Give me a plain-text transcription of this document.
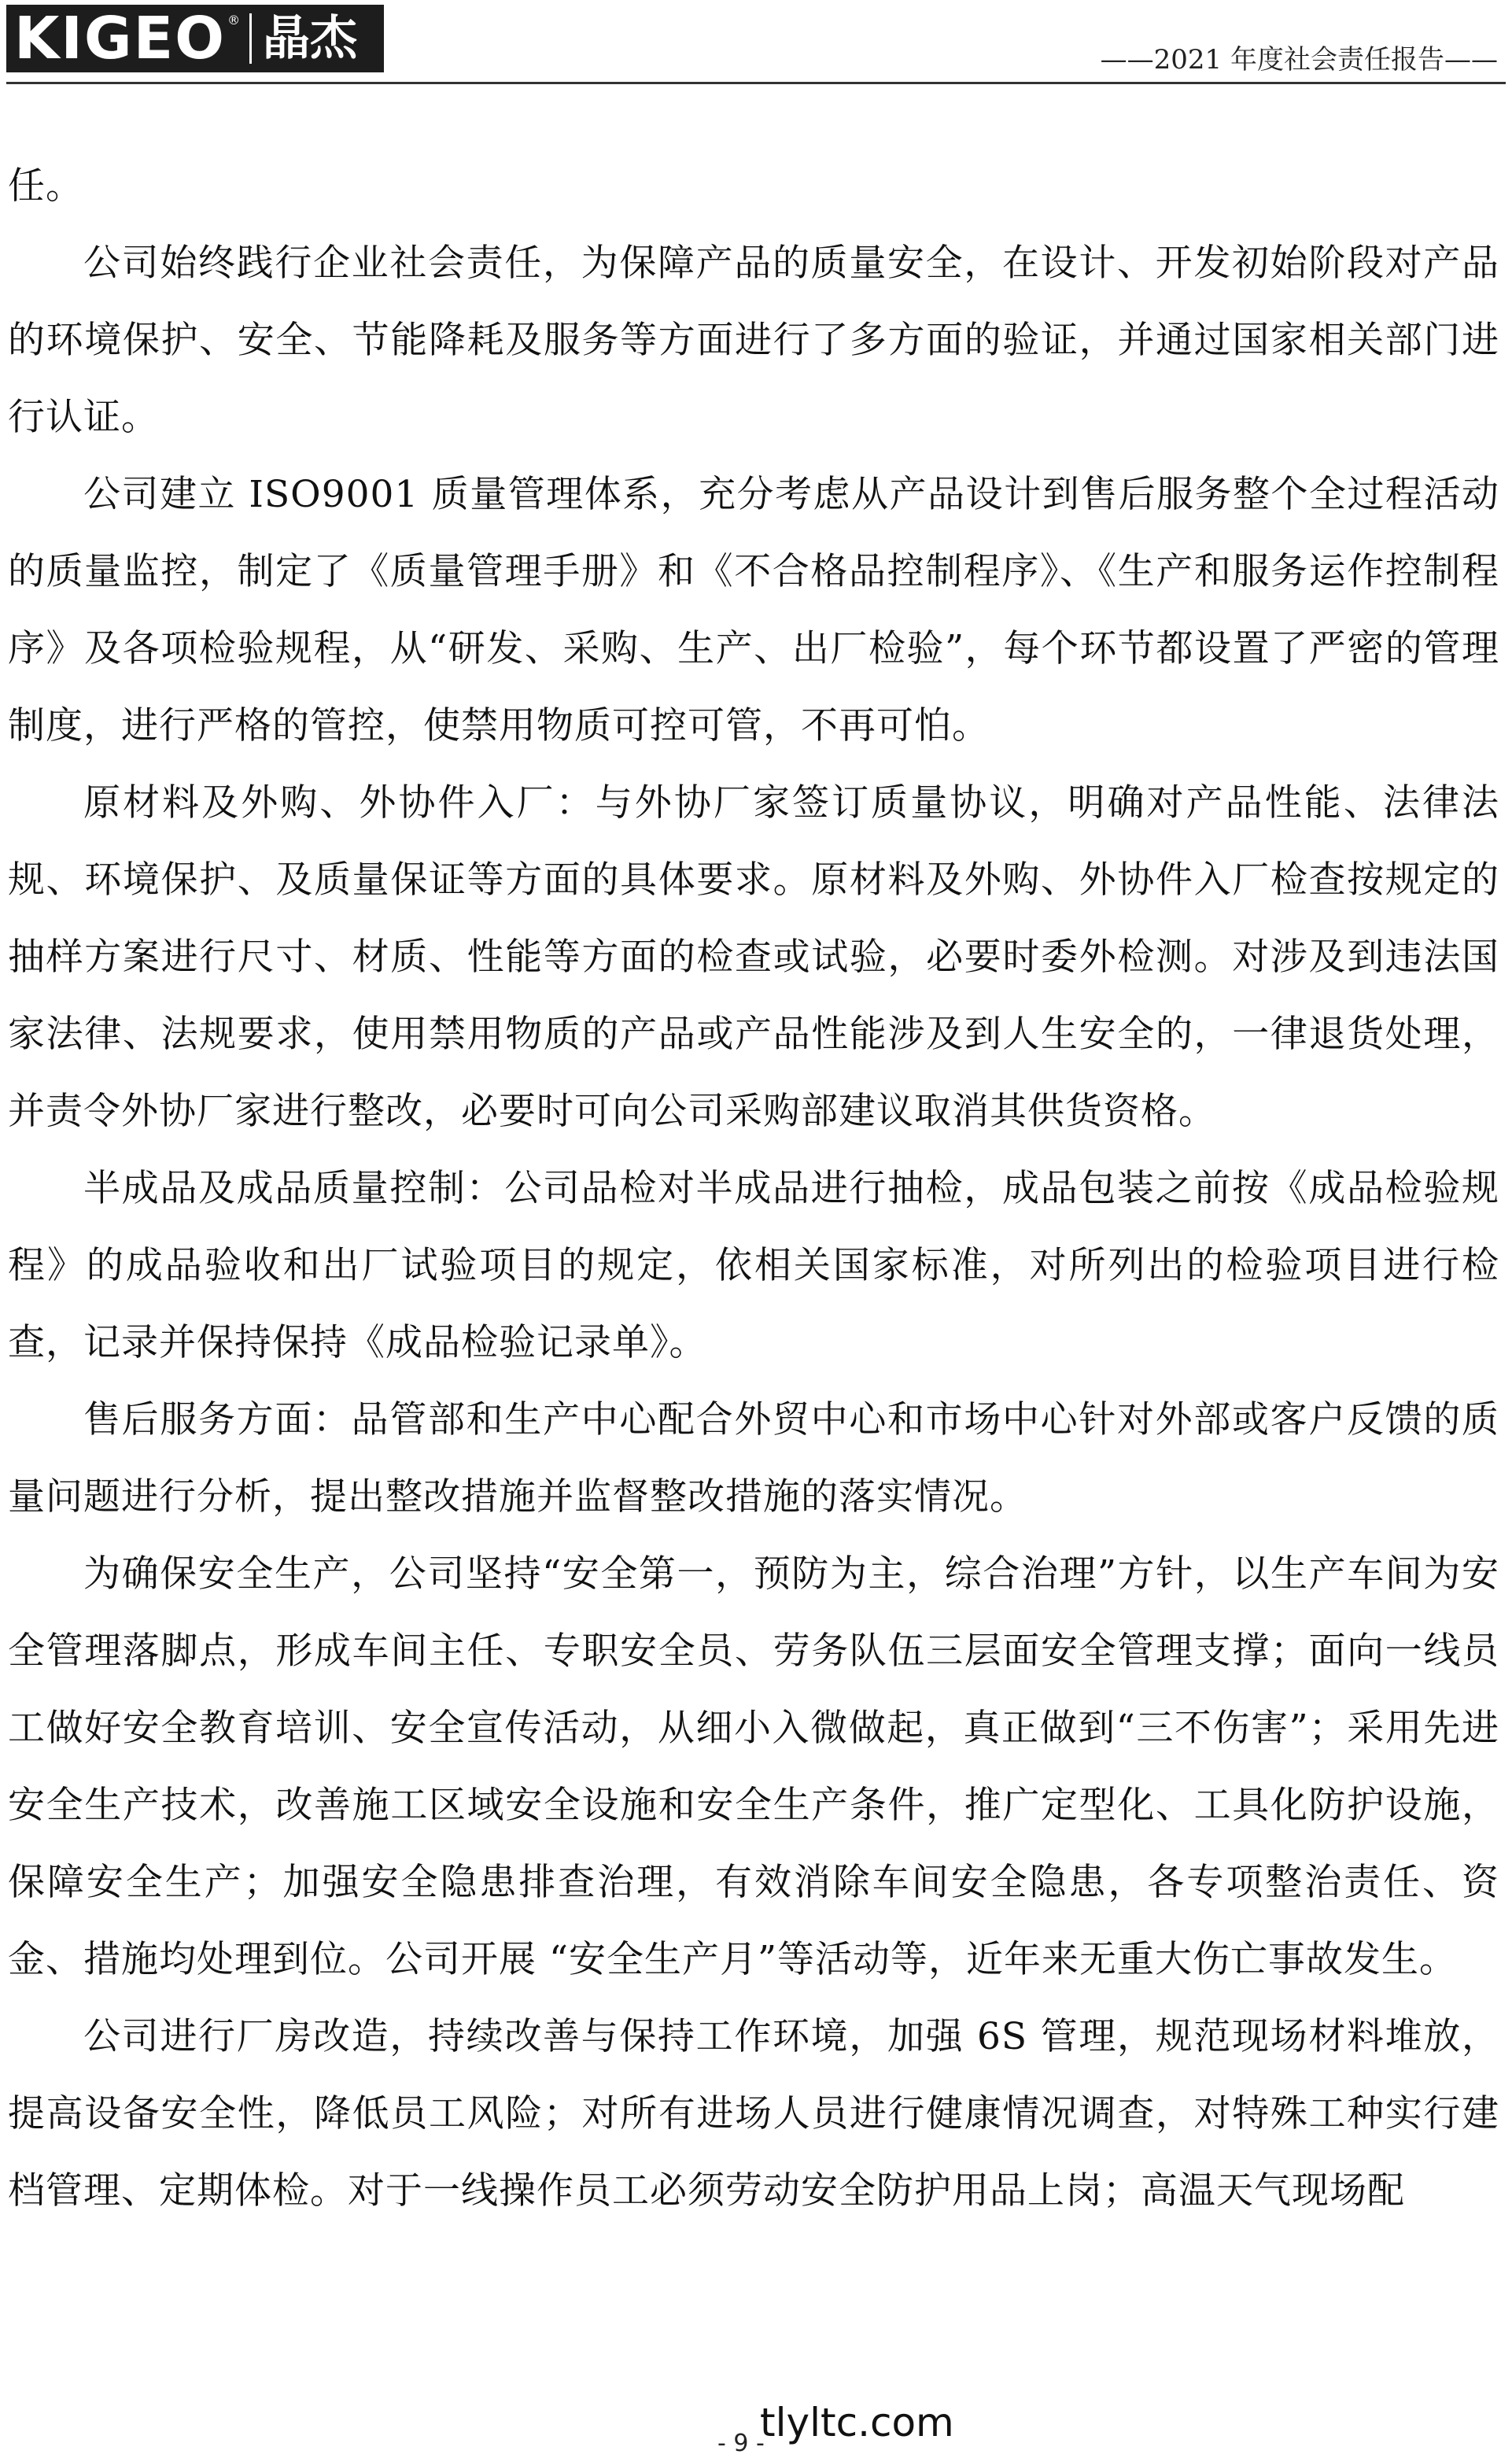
KIGEO ® 晶杰	——2021 年度社会责任报告——

任。

公司始终践行企业社会责任，为保障产品的质量安全，在设计、开发初始阶段对产品的环境保护、安全、节能降耗及服务等方面进行了多方面的验证，并通过国家相关部门进行认证。

公司建立 ISO9001 质量管理体系，充分考虑从产品设计到售后服务整个全过程活动的质量监控，制定了《质量管理手册》和《不合格品控制程序》、《生产和服务运作控制程序》及各项检验规程，从“研发、采购、生产、出厂检验”，每个环节都设置了严密的管理制度，进行严格的管控，使禁用物质可控可管，不再可怕。

原材料及外购、外协件入厂：与外协厂家签订质量协议，明确对产品性能、法律法规、环境保护、及质量保证等方面的具体要求。原材料及外购、外协件入厂检查按规定的抽样方案进行尺寸、材质、性能等方面的检查或试验，必要时委外检测。对涉及到违法国家法律、法规要求，使用禁用物质的产品或产品性能涉及到人生安全的，一律退货处理，并责令外协厂家进行整改，必要时可向公司采购部建议取消其供货资格。

半成品及成品质量控制：公司品检对半成品进行抽检，成品包装之前按《成品检验规程》的成品验收和出厂试验项目的规定，依相关国家标准，对所列出的检验项目进行检查，记录并保持保持《成品检验记录单》。

售后服务方面：品管部和生产中心配合外贸中心和市场中心针对外部或客户反馈的质量问题进行分析，提出整改措施并监督整改措施的落实情况。

为确保安全生产，公司坚持“安全第一，预防为主，综合治理”方针，以生产车间为安全管理落脚点，形成车间主任、专职安全员、劳务队伍三层面安全管理支撑；面向一线员工做好安全教育培训、安全宣传活动，从细小入微做起，真正做到“三不伤害”；采用先进安全生产技术，改善施工区域安全设施和安全生产条件，推广定型化、工具化防护设施，保障安全生产；加强安全隐患排查治理，有效消除车间安全隐患，各专项整治责任、资金、措施均处理到位。公司开展 “安全生产月”等活动等，近年来无重大伤亡事故发生。

公司进行厂房改造，持续改善与保持工作环境，加强 6S 管理，规范现场材料堆放，提高设备安全性，降低员工风险；对所有进场人员进行健康情况调查，对特殊工种实行建档管理、定期体检。对于一线操作员工必须劳动安全防护用品上岗；高温天气现场配

- 9 -
tlyltc.com
